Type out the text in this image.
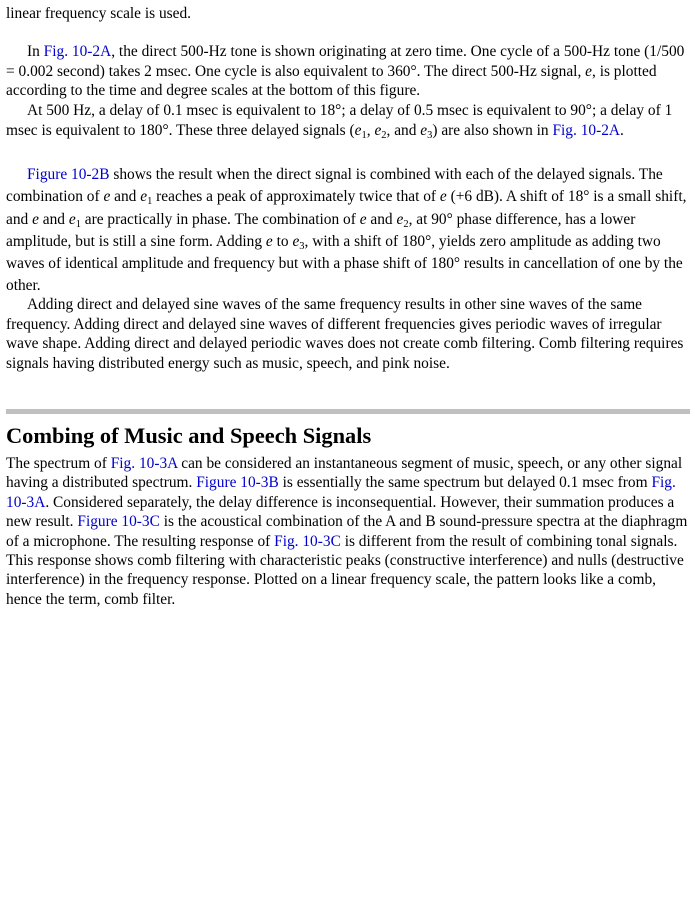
linear frequency scale is used.

In Fig. 10-2A, the direct 500-Hz tone is shown originating at zero time. One cycle of a 500-Hz tone (1/500 = 0.002 second) takes 2 msec. One cycle is also equivalent to 360°. The direct 500-Hz signal, e, is plotted according to the time and degree scales at the bottom of this figure.

At 500 Hz, a delay of 0.1 msec is equivalent to 18°; a delay of 0.5 msec is equivalent to 90°; a delay of 1 msec is equivalent to 180°. These three delayed signals ($e_1$, $e_2$, and $e_3$) are also shown in Fig. 10-2A.

Figure 10-2B shows the result when the direct signal is combined with each of the delayed signals. The combination of e and $e_1$ reaches a peak of approximately twice that of e (+6 dB). A shift of 18° is a small shift, and e and $e_1$ are practically in phase. The combination of e and $e_2$, at 90° phase difference, has a lower amplitude, but is still a sine form. Adding e to $e_3$, with a shift of 180°, yields zero amplitude as adding two waves of identical amplitude and frequency but with a phase shift of 180° results in cancellation of one by the other.

Adding direct and delayed sine waves of the same frequency results in other sine waves of the same frequency. Adding direct and delayed sine waves of different frequencies gives periodic waves of irregular wave shape. Adding direct and delayed periodic waves does not create comb filtering. Comb filtering requires signals having distributed energy such as music, speech, and pink noise.

Combing of Music and Speech Signals

The spectrum of Fig. 10-3A can be considered an instantaneous segment of music, speech, or any other signal having a distributed spectrum. Figure 10-3B is essentially the same spectrum but delayed 0.1 msec from Fig. 10-3A. Considered separately, the delay difference is inconsequential. However, their summation produces a new result. Figure 10-3C is the acoustical combination of the A and B sound-pressure spectra at the diaphragm of a microphone. The resulting response of Fig. 10-3C is different from the result of combining tonal signals. This response shows comb filtering with characteristic peaks (constructive interference) and nulls (destructive interference) in the frequency response. Plotted on a linear frequency scale, the pattern looks like a comb, hence the term, comb filter.
